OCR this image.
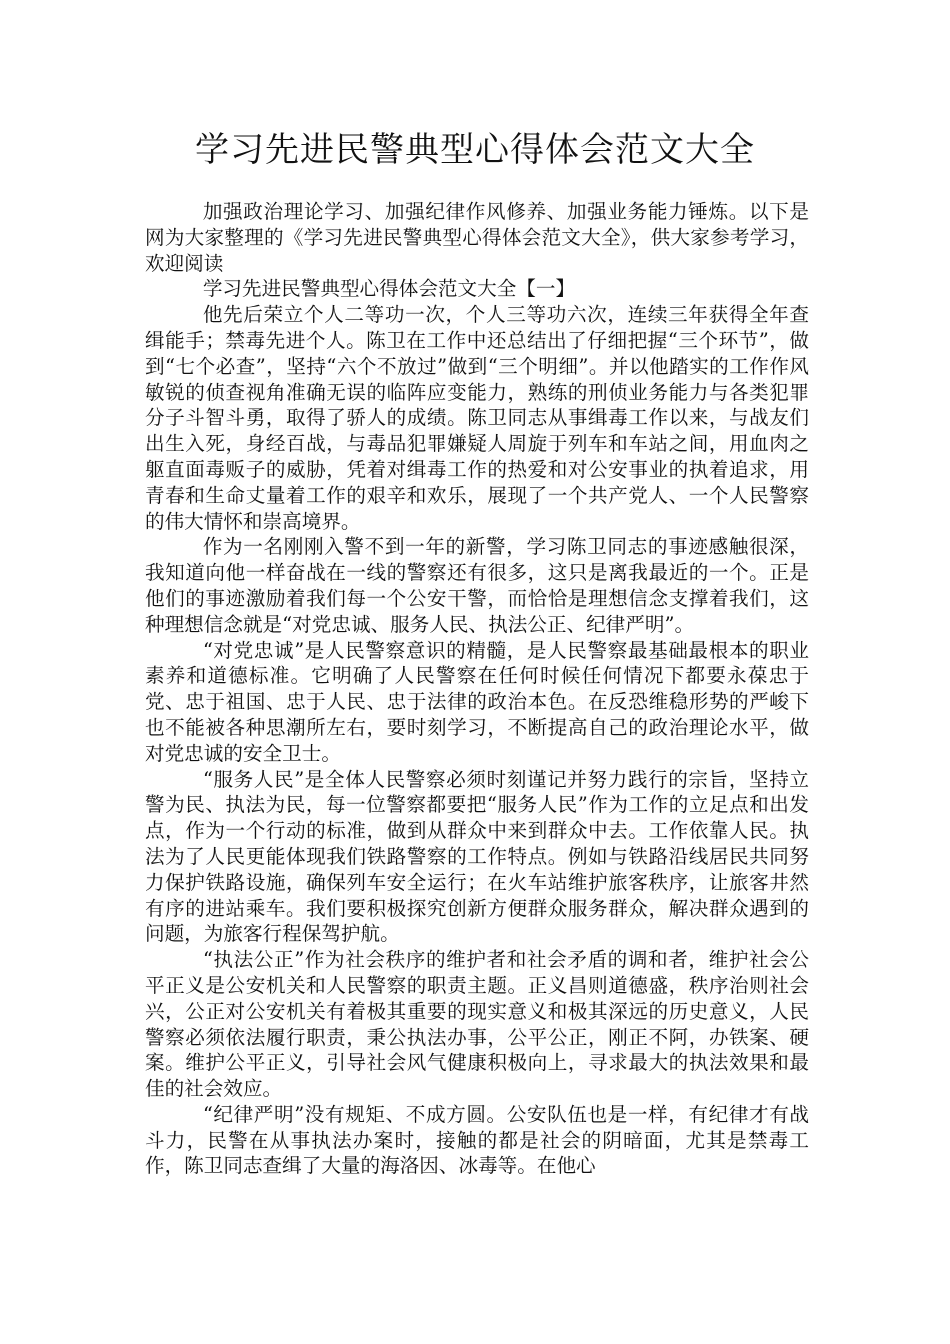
学习先进民警典型心得体会范文大全

加强政治理论学习、加强纪律作风修养、加强业务能力锤炼。以下是网为大家整理的《学习先进民警典型心得体会范文大全》，供大家参考学习，欢迎阅读

学习先进民警典型心得体会范文大全【一】

他先后荣立个人二等功一次，个人三等功六次，连续三年获得全年查缉能手；禁毒先进个人。陈卫在工作中还总结出了仔细把握“三个环节”，做到“七个必查”，坚持“六个不放过”做到“三个明细”。并以他踏实的工作作风敏锐的侦查视角准确无误的临阵应变能力，熟练的刑侦业务能力与各类犯罪分子斗智斗勇，取得了骄人的成绩。陈卫同志从事缉毒工作以来，与战友们出生入死，身经百战，与毒品犯罪嫌疑人周旋于列车和车站之间，用血肉之躯直面毒贩子的威胁，凭着对缉毒工作的热爱和对公安事业的执着追求，用青春和生命丈量着工作的艰辛和欢乐，展现了一个共产党人、一个人民警察的伟大情怀和崇高境界。

作为一名刚刚入警不到一年的新警，学习陈卫同志的事迹感触很深，我知道向他一样奋战在一线的警察还有很多，这只是离我最近的一个。正是他们的事迹激励着我们每一个公安干警，而恰恰是理想信念支撑着我们，这种理想信念就是“对党忠诚、服务人民、执法公正、纪律严明”。

“对党忠诚”是人民警察意识的精髓，是人民警察最基础最根本的职业素养和道德标准。它明确了人民警察在任何时候任何情况下都要永葆忠于党、忠于祖国、忠于人民、忠于法律的政治本色。在反恐维稳形势的严峻下也不能被各种思潮所左右，要时刻学习，不断提高自己的政治理论水平，做对党忠诚的安全卫士。

“服务人民”是全体人民警察必须时刻谨记并努力践行的宗旨，坚持立警为民、执法为民，每一位警察都要把“服务人民”作为工作的立足点和出发点，作为一个行动的标准，做到从群众中来到群众中去。工作依靠人民。执法为了人民更能体现我们铁路警察的工作特点。例如与铁路沿线居民共同努力保护铁路设施，确保列车安全运行；在火车站维护旅客秩序，让旅客井然有序的进站乘车。我们要积极探究创新方便群众服务群众，解决群众遇到的问题，为旅客行程保驾护航。

“执法公正”作为社会秩序的维护者和社会矛盾的调和者，维护社会公平正义是公安机关和人民警察的职责主题。正义昌则道德盛，秩序治则社会兴，公正对公安机关有着极其重要的现实意义和极其深远的历史意义，人民警察必须依法履行职责，秉公执法办事，公平公正，刚正不阿，办铁案、硬案。维护公平正义，引导社会风气健康积极向上，寻求最大的执法效果和最佳的社会效应。

“纪律严明”没有规矩、不成方圆。公安队伍也是一样，有纪律才有战斗力，民警在从事执法办案时，接触的都是社会的阴暗面，尤其是禁毒工作，陈卫同志查缉了大量的海洛因、冰毒等。在他心
